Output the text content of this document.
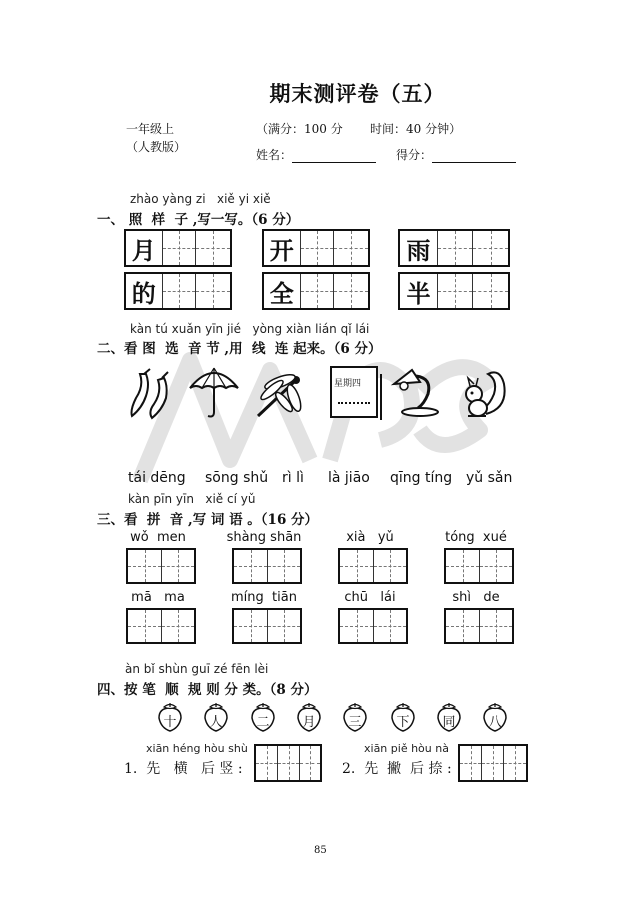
期末测评卷（五）
一年级上
（人教版）
（满分：100 分 时间：40 分钟）
姓名：	得分：
zhào yàng zi   xiě yi xiě
一、 照  样  子 ,写一写。（6 分）
月	开	雨
的	全	半
kàn tú xuǎn yīn jié   yòng xiàn lián qǐ lái
二、看 图  选  音 节 ,用  线  连 起来。（6 分）
星期四
tái dēng sōng shǔ rì lì là jiāo qīng tíng yǔ sǎn
kàn pīn yīn   xiě cí yǔ
三、看  拼  音 ,写 词 语 。（16 分）
wǒ  men	shàng shān	xià   yǔ	tóng  xué
mā   ma	míng  tiān	chū   lái	shì   de
àn bǐ shùn guī zé fēn lèi
四、按 笔  顺  规 则 分 类。（8 分）
十	人	二	月	三	下	同	八
xiān héng hòu shù
1.  先   横   后 竖 :
xiān piě hòu nà
2.  先  撇  后 捺 :
85
